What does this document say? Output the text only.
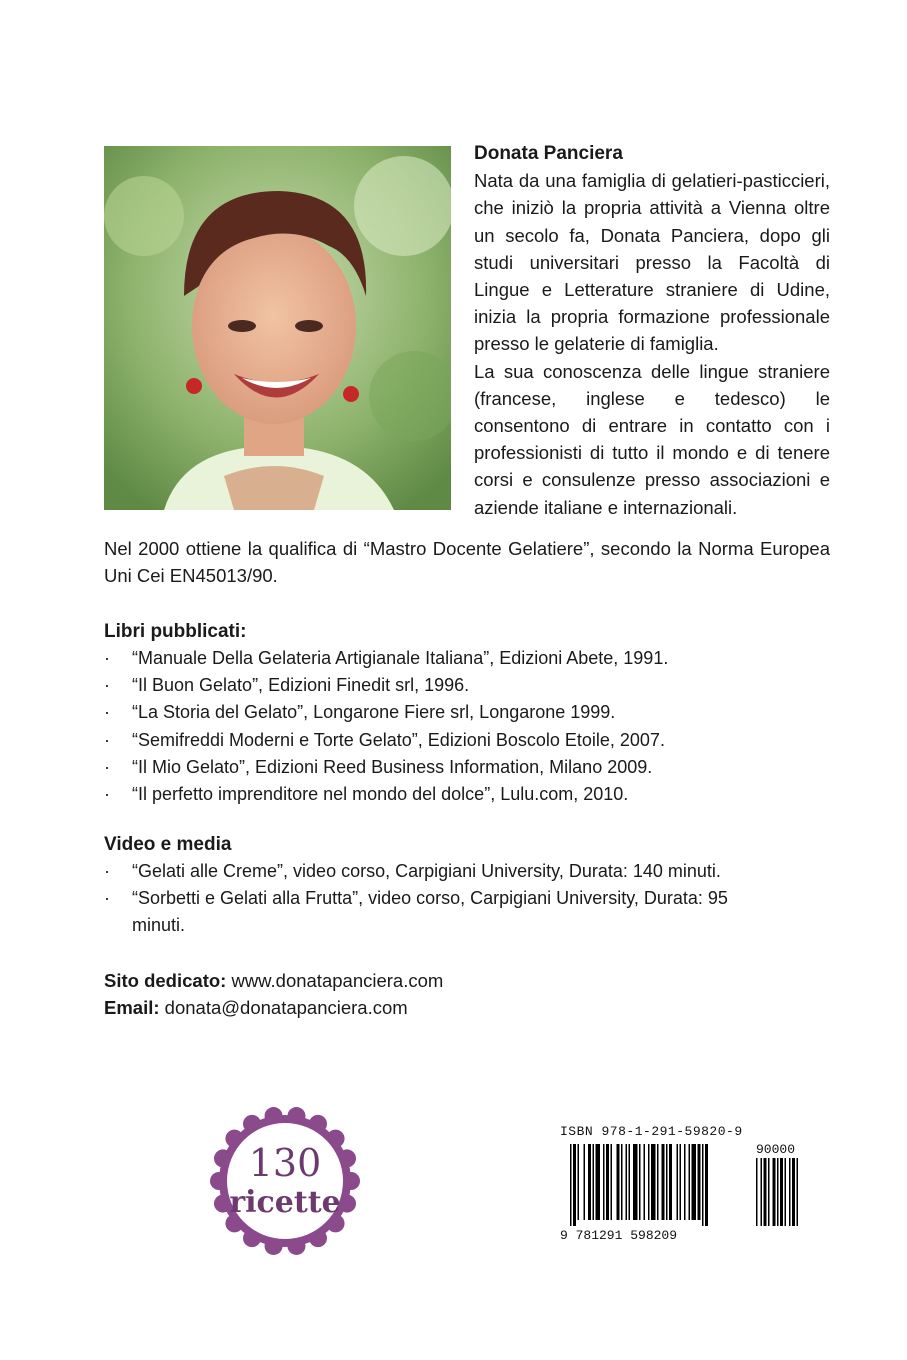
Donata Panciera

Nata da una famiglia di gelatieri-pasticcieri, che iniziò la propria attività a Vienna oltre un secolo fa, Donata Panciera, dopo gli studi universitari presso la Facoltà di Lingue e Letterature straniere di Udine, inizia la propria formazione professionale presso le gelaterie di famiglia.

La sua conoscenza delle lingue straniere (francese, inglese e tedesco) le consentono di entrare in contatto con i professionisti di tutto il mondo e di tenere corsi e consulenze presso associazioni e aziende italiane e internazionali.

Nel 2000 ottiene la qualifica di “Mastro Docente Gelatiere”, secondo la Norma Europea Uni Cei EN45013/90.

Libri pubblicati:

· “Manuale Della Gelateria Artigianale Italiana”, Edizioni Abete, 1991.
· “Il Buon Gelato”, Edizioni Finedit srl, 1996.
· “La Storia del Gelato”, Longarone Fiere srl, Longarone 1999.
· “Semifreddi Moderni e Torte Gelato”, Edizioni Boscolo Etoile, 2007.
· “Il Mio Gelato”, Edizioni Reed Business Information, Milano 2009.
· “Il perfetto imprenditore nel mondo del dolce”, Lulu.com, 2010.

Video e media

· “Gelati alle Creme”, video corso, Carpigiani University, Durata: 140 minuti.
· “Sorbetti e Gelati alla Frutta”, video corso, Carpigiani University, Durata: 95 minuti.
Sito dedicato: www.donatapanciera.com
Email: donata@donatapanciera.com
130
ricette
ISBN 978-1-291-59820-9
90000
9 781291 598209
